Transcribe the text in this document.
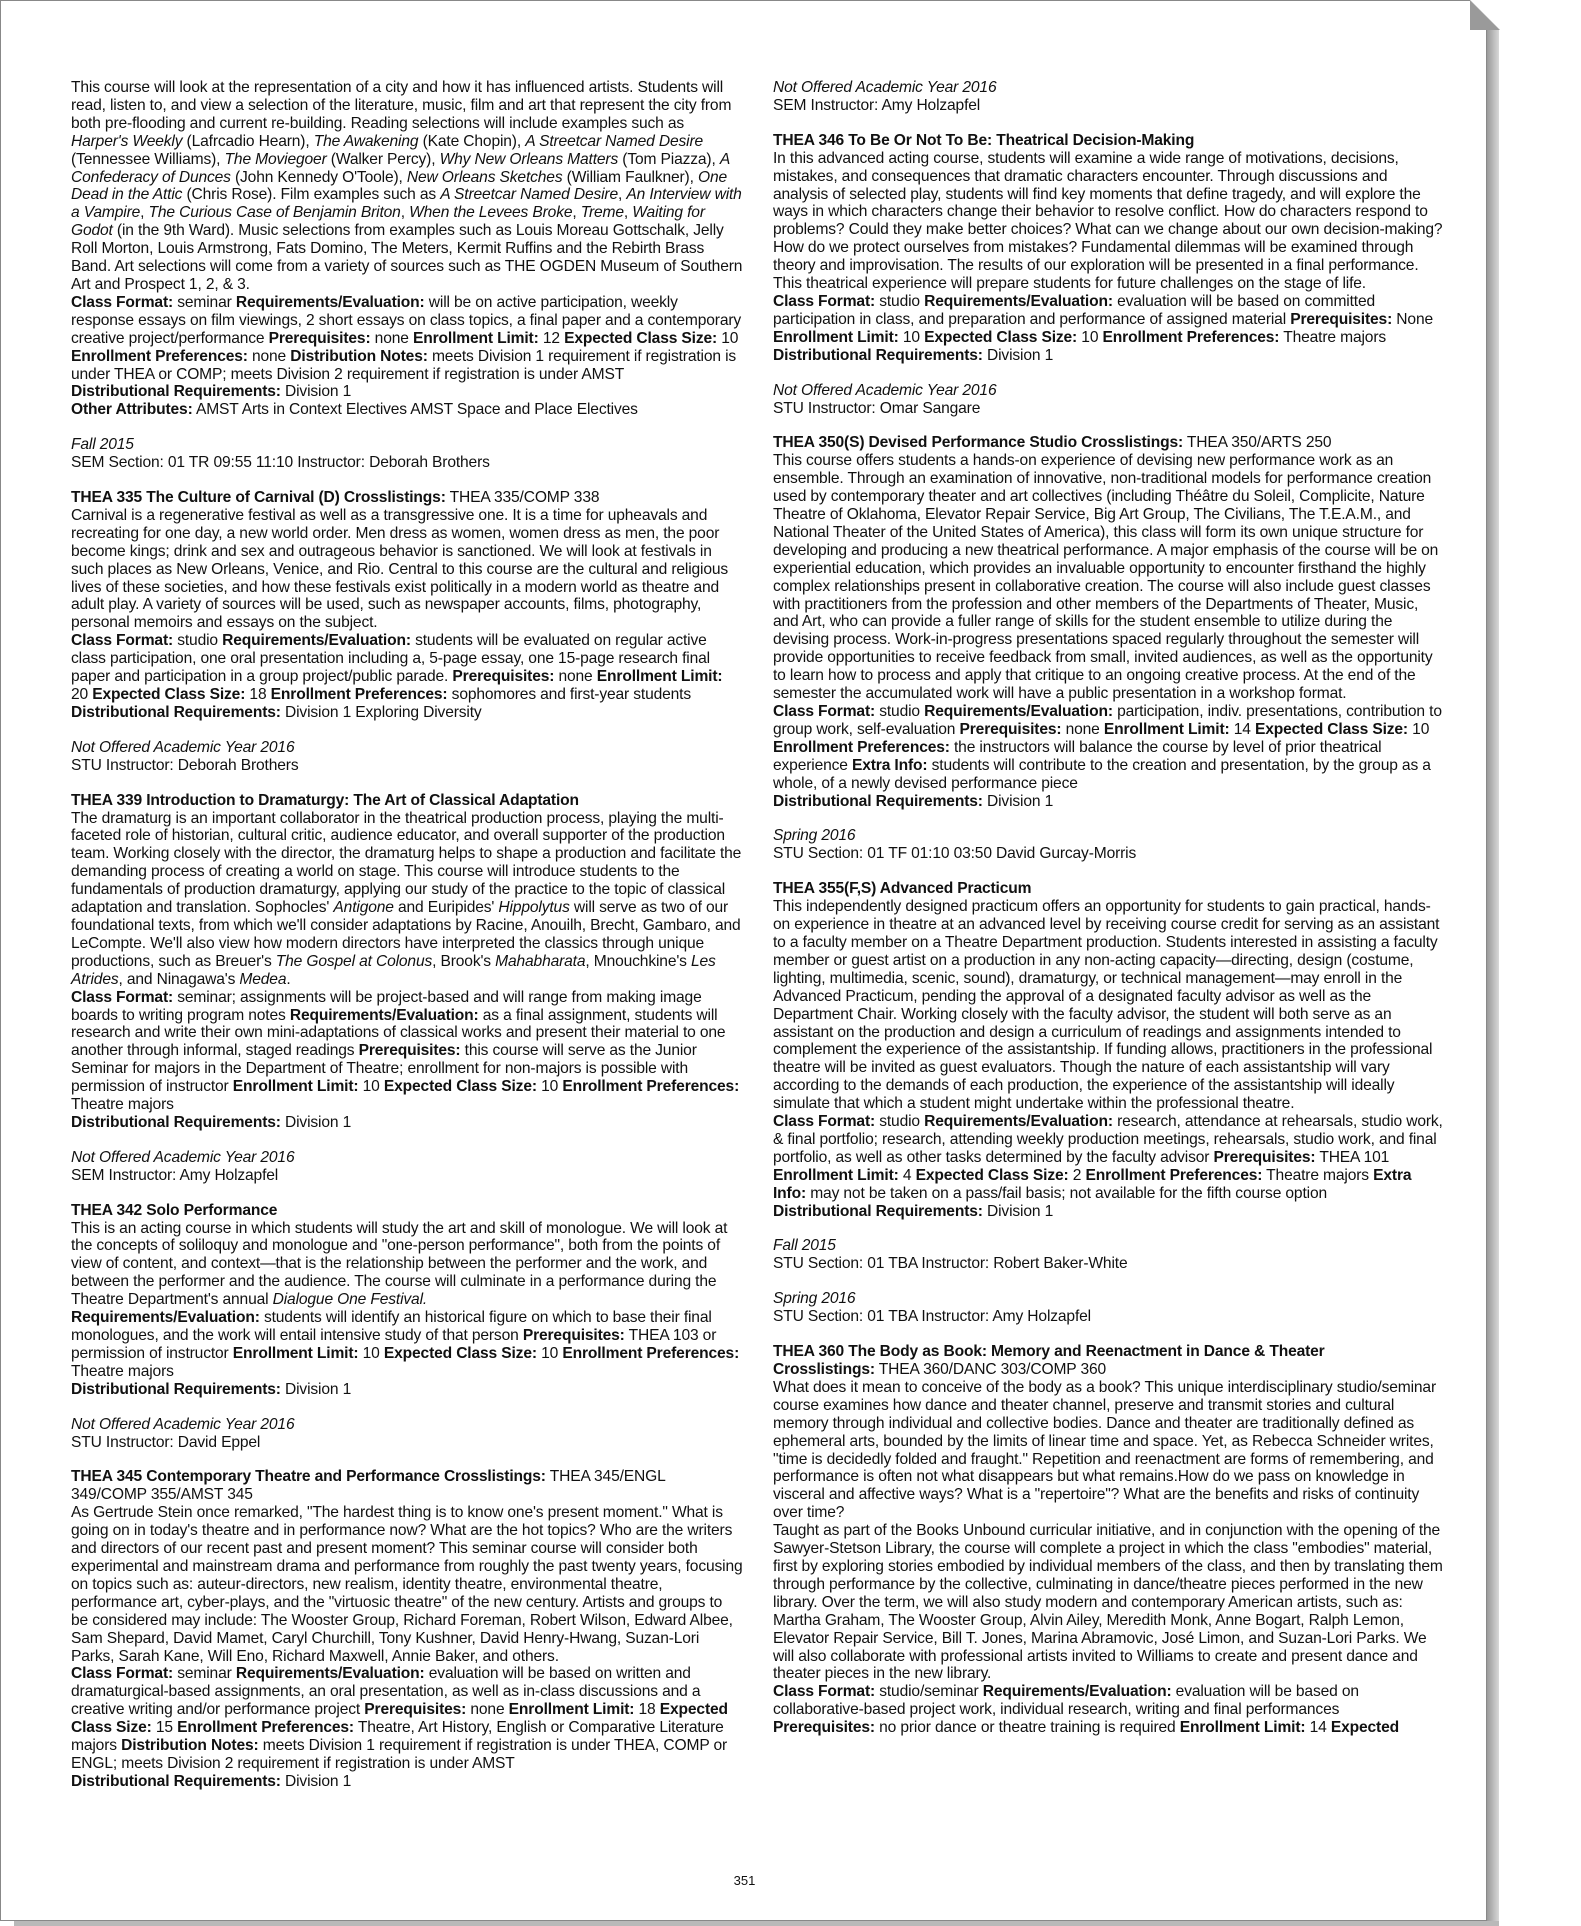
This course will look at the representation of a city and how it has influenced artists. Students will read, listen to, and view a selection of the literature, music, film and art that represent the city from both pre-flooding and current re-building. Reading selections will include examples such as Harper's Weekly (Lafrcadio Hearn), The Awakening (Kate Chopin), A Streetcar Named Desire (Tennessee Williams), The Moviegoer (Walker Percy), Why New Orleans Matters (Tom Piazza), A Confederacy of Dunces (John Kennedy O'Toole), New Orleans Sketches (William Faulkner), One Dead in the Attic (Chris Rose). Film examples such as A Streetcar Named Desire, An Interview with a Vampire, The Curious Case of Benjamin Briton, When the Levees Broke, Treme, Waiting for Godot (in the 9th Ward). Music selections from examples such as Louis Moreau Gottschalk, Jelly Roll Morton, Louis Armstrong, Fats Domino, The Meters, Kermit Ruffins and the Rebirth Brass Band. Art selections will come from a variety of sources such as THE OGDEN Museum of Southern Art and Prospect 1, 2, & 3.

Class Format: seminar Requirements/Evaluation: will be on active participation, weekly response essays on film viewings, 2 short essays on class topics, a final paper and a contemporary creative project/performance Prerequisites: none Enrollment Limit: 12 Expected Class Size: 10 Enrollment Preferences: none Distribution Notes: meets Division 1 requirement if registration is under THEA or COMP; meets Division 2 requirement if registration is under AMST

Distributional Requirements: Division 1

Other Attributes: AMST Arts in Context Electives AMST Space and Place Electives

Fall 2015

SEM Section: 01 TR 09:55 11:10 Instructor: Deborah Brothers

THEA 335 The Culture of Carnival (D) Crosslistings: THEA 335/COMP 338

Carnival is a regenerative festival as well as a transgressive one. It is a time for upheavals and recreating for one day, a new world order. Men dress as women, women dress as men, the poor become kings; drink and sex and outrageous behavior is sanctioned. We will look at festivals in such places as New Orleans, Venice, and Rio. Central to this course are the cultural and religious lives of these societies, and how these festivals exist politically in a modern world as theatre and adult play. A variety of sources will be used, such as newspaper accounts, films, photography, personal memoirs and essays on the subject.

Class Format: studio Requirements/Evaluation: students will be evaluated on regular active class participation, one oral presentation including a, 5-page essay, one 15-page research final paper and participation in a group project/public parade. Prerequisites: none Enrollment Limit: 20 Expected Class Size: 18 Enrollment Preferences: sophomores and first-year students

Distributional Requirements: Division 1 Exploring Diversity

Not Offered Academic Year 2016

STU Instructor: Deborah Brothers

THEA 339 Introduction to Dramaturgy: The Art of Classical Adaptation

The dramaturg is an important collaborator in the theatrical production process, playing the multi-faceted role of historian, cultural critic, audience educator, and overall supporter of the production team. Working closely with the director, the dramaturg helps to shape a production and facilitate the demanding process of creating a world on stage. This course will introduce students to the fundamentals of production dramaturgy, applying our study of the practice to the topic of classical adaptation and translation. Sophocles' Antigone and Euripides' Hippolytus will serve as two of our foundational texts, from which we'll consider adaptations by Racine, Anouilh, Brecht, Gambaro, and LeCompte. We'll also view how modern directors have interpreted the classics through unique productions, such as Breuer's The Gospel at Colonus, Brook's Mahabharata, Mnouchkine's Les Atrides, and Ninagawa's Medea.

Class Format: seminar; assignments will be project-based and will range from making image boards to writing program notes Requirements/Evaluation: as a final assignment, students will research and write their own mini-adaptations of classical works and present their material to one another through informal, staged readings Prerequisites: this course will serve as the Junior Seminar for majors in the Department of Theatre; enrollment for non-majors is possible with permission of instructor Enrollment Limit: 10 Expected Class Size: 10 Enrollment Preferences: Theatre majors

Distributional Requirements: Division 1

Not Offered Academic Year 2016

SEM Instructor: Amy Holzapfel

THEA 342 Solo Performance

This is an acting course in which students will study the art and skill of monologue. We will look at the concepts of soliloquy and monologue and "one-person performance", both from the points of view of content, and context—that is the relationship between the performer and the work, and between the performer and the audience. The course will culminate in a performance during the Theatre Department's annual Dialogue One Festival.

Requirements/Evaluation: students will identify an historical figure on which to base their final monologues, and the work will entail intensive study of that person Prerequisites: THEA 103 or permission of instructor Enrollment Limit: 10 Expected Class Size: 10 Enrollment Preferences: Theatre majors

Distributional Requirements: Division 1

Not Offered Academic Year 2016

STU Instructor: David Eppel

THEA 345 Contemporary Theatre and Performance Crosslistings: THEA 345/ENGL 349/COMP 355/AMST 345

As Gertrude Stein once remarked, "The hardest thing is to know one's present moment." What is going on in today's theatre and in performance now? What are the hot topics? Who are the writers and directors of our recent past and present moment? This seminar course will consider both experimental and mainstream drama and performance from roughly the past twenty years, focusing on topics such as: auteur-directors, new realism, identity theatre, environmental theatre, performance art, cyber-plays, and the "virtuosic theatre" of the new century. Artists and groups to be considered may include: The Wooster Group, Richard Foreman, Robert Wilson, Edward Albee, Sam Shepard, David Mamet, Caryl Churchill, Tony Kushner, David Henry-Hwang, Suzan-Lori Parks, Sarah Kane, Will Eno, Richard Maxwell, Annie Baker, and others.

Class Format: seminar Requirements/Evaluation: evaluation will be based on written and dramaturgical-based assignments, an oral presentation, as well as in-class discussions and a creative writing and/or performance project Prerequisites: none Enrollment Limit: 18 Expected Class Size: 15 Enrollment Preferences: Theatre, Art History, English or Comparative Literature majors Distribution Notes: meets Division 1 requirement if registration is under THEA, COMP or ENGL; meets Division 2 requirement if registration is under AMST

Distributional Requirements: Division 1

Not Offered Academic Year 2016

SEM Instructor: Amy Holzapfel

THEA 346 To Be Or Not To Be: Theatrical Decision-Making

In this advanced acting course, students will examine a wide range of motivations, decisions, mistakes, and consequences that dramatic characters encounter. Through discussions and analysis of selected play, students will find key moments that define tragedy, and will explore the ways in which characters change their behavior to resolve conflict. How do characters respond to problems? Could they make better choices? What can we change about our own decision-making? How do we protect ourselves from mistakes? Fundamental dilemmas will be examined through theory and improvisation. The results of our exploration will be presented in a final performance. This theatrical experience will prepare students for future challenges on the stage of life.

Class Format: studio Requirements/Evaluation: evaluation will be based on committed participation in class, and preparation and performance of assigned material Prerequisites: None Enrollment Limit: 10 Expected Class Size: 10 Enrollment Preferences: Theatre majors

Distributional Requirements: Division 1

Not Offered Academic Year 2016

STU Instructor: Omar Sangare

THEA 350(S) Devised Performance Studio Crosslistings: THEA 350/ARTS 250

This course offers students a hands-on experience of devising new performance work as an ensemble. Through an examination of innovative, non-traditional models for performance creation used by contemporary theater and art collectives (including Théâtre du Soleil, Complicite, Nature Theatre of Oklahoma, Elevator Repair Service, Big Art Group, The Civilians, The T.E.A.M., and National Theater of the United States of America), this class will form its own unique structure for developing and producing a new theatrical performance. A major emphasis of the course will be on experiential education, which provides an invaluable opportunity to encounter firsthand the highly complex relationships present in collaborative creation. The course will also include guest classes with practitioners from the profession and other members of the Departments of Theater, Music, and Art, who can provide a fuller range of skills for the student ensemble to utilize during the devising process. Work-in-progress presentations spaced regularly throughout the semester will provide opportunities to receive feedback from small, invited audiences, as well as the opportunity to learn how to process and apply that critique to an ongoing creative process. At the end of the semester the accumulated work will have a public presentation in a workshop format.

Class Format: studio Requirements/Evaluation: participation, indiv. presentations, contribution to group work, self-evaluation Prerequisites: none Enrollment Limit: 14 Expected Class Size: 10 Enrollment Preferences: the instructors will balance the course by level of prior theatrical experience Extra Info: students will contribute to the creation and presentation, by the group as a whole, of a newly devised performance piece

Distributional Requirements: Division 1

Spring 2016

STU Section: 01 TF 01:10 03:50 David Gurcay-Morris

THEA 355(F,S) Advanced Practicum

This independently designed practicum offers an opportunity for students to gain practical, hands-on experience in theatre at an advanced level by receiving course credit for serving as an assistant to a faculty member on a Theatre Department production. Students interested in assisting a faculty member or guest artist on a production in any non-acting capacity—directing, design (costume, lighting, multimedia, scenic, sound), dramaturgy, or technical management—may enroll in the Advanced Practicum, pending the approval of a designated faculty advisor as well as the Department Chair. Working closely with the faculty advisor, the student will both serve as an assistant on the production and design a curriculum of readings and assignments intended to complement the experience of the assistantship. If funding allows, practitioners in the professional theatre will be invited as guest evaluators. Though the nature of each assistantship will vary according to the demands of each production, the experience of the assistantship will ideally simulate that which a student might undertake within the professional theatre.

Class Format: studio Requirements/Evaluation: research, attendance at rehearsals, studio work, & final portfolio; research, attending weekly production meetings, rehearsals, studio work, and final portfolio, as well as other tasks determined by the faculty advisor Prerequisites: THEA 101 Enrollment Limit: 4 Expected Class Size: 2 Enrollment Preferences: Theatre majors Extra Info: may not be taken on a pass/fail basis; not available for the fifth course option

Distributional Requirements: Division 1

Fall 2015

STU Section: 01 TBA Instructor: Robert Baker-White

Spring 2016

STU Section: 01 TBA Instructor: Amy Holzapfel

THEA 360 The Body as Book: Memory and Reenactment in Dance & Theater

Crosslistings: THEA 360/DANC 303/COMP 360

What does it mean to conceive of the body as a book? This unique interdisciplinary studio/seminar course examines how dance and theater channel, preserve and transmit stories and cultural memory through individual and collective bodies. Dance and theater are traditionally defined as ephemeral arts, bounded by the limits of linear time and space. Yet, as Rebecca Schneider writes, "time is decidedly folded and fraught." Repetition and reenactment are forms of remembering, and performance is often not what disappears but what remains.How do we pass on knowledge in visceral and affective ways? What is a "repertoire"? What are the benefits and risks of continuity over time?

Taught as part of the Books Unbound curricular initiative, and in conjunction with the opening of the Sawyer-Stetson Library, the course will complete a project in which the class "embodies" material, first by exploring stories embodied by individual members of the class, and then by translating them through performance by the collective, culminating in dance/theatre pieces performed in the new library. Over the term, we will also study modern and contemporary American artists, such as: Martha Graham, The Wooster Group, Alvin Ailey, Meredith Monk, Anne Bogart, Ralph Lemon, Elevator Repair Service, Bill T. Jones, Marina Abramovic, José Limon, and Suzan-Lori Parks. We will also collaborate with professional artists invited to Williams to create and present dance and theater pieces in the new library.

Class Format: studio/seminar Requirements/Evaluation: evaluation will be based on collaborative-based project work, individual research, writing and final performances Prerequisites: no prior dance or theatre training is required Enrollment Limit: 14 Expected

351
